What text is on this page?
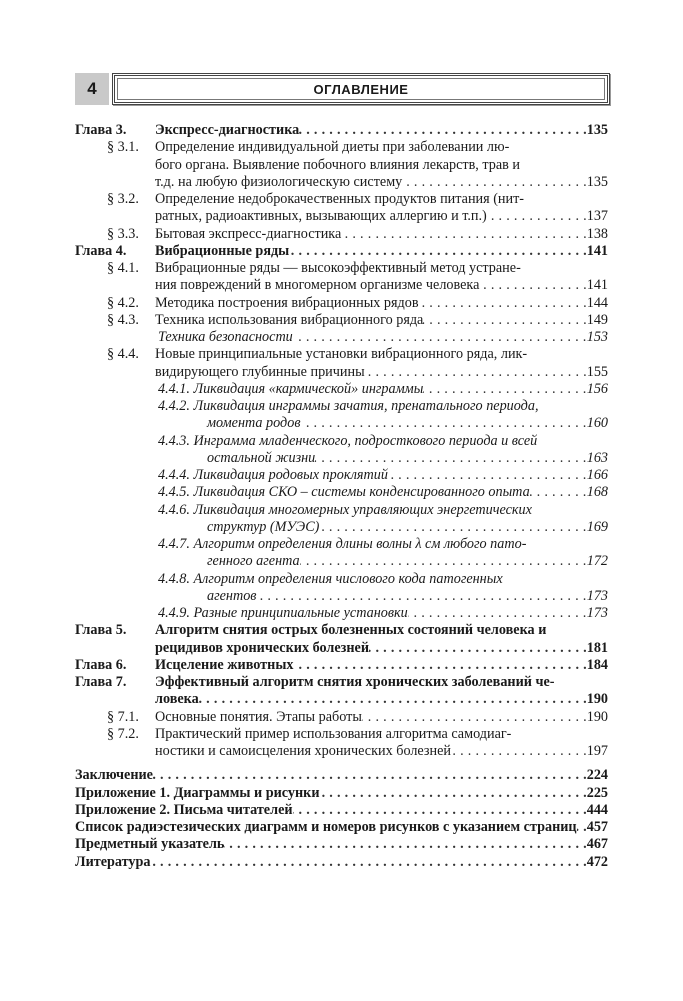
4	ОГЛАВЛЕНИЕ
Глава 3. Экспресс-диагностика . . .	135
§ 3.1. Определение индивидуальной диеты при заболевании лю-
бого органа. Выявление побочного влияния лекарств, трав и
т.д. на любую физиологическую систему . . .	135
§ 3.2. Определение недоброкачественных продуктов питания (нит-
ратных, радиоактивных, вызывающих аллергию и т.п.) . . .	137
§ 3.3. Бытовая экспресс-диагностика . . .	138
Глава 4. Вибрационные ряды . . .	141
§ 4.1. Вибрационные ряды — высокоэффективный метод устране-
ния повреждений в многомерном организме человека . . .	141
§ 4.2. Методика построения вибрационных рядов . . .	144
§ 4.3. Техника использования вибрационного ряда . . .	149
Техника безопасности . . .	153
§ 4.4. Новые принципиальные установки вибрационного ряда, лик-
видирующего глубинные причины . . .	155
4.4.1. Ликвидация «кармической» инграммы . . .	156
4.4.2. Ликвидация инграммы зачатия, пренатального периода,
момента родов . . .	160
4.4.3. Инграмма младенческого, подросткового периода и всей
остальной жизни . . .	163
4.4.4. Ликвидация родовых проклятий . . .	166
4.4.5. Ликвидация СКО – системы конденсированного опыта . . .	168
4.4.6. Ликвидация многомерных управляющих энергетических
структур (МУЭС) . . .	169
4.4.7. Алгоритм определения длины волны λ см любого пато-
генного агента . . .	172
4.4.8. Алгоритм определения числового кода патогенных
агентов . . .	173
4.4.9. Разные принципиальные установки . . .	173
Глава 5. Алгоритм снятия острых болезненных состояний человека и
рецидивов хронических болезней . . .	181
Глава 6. Исцеление животных . . .	184
Глава 7. Эффективный алгоритм снятия хронических заболеваний че-
ловека . . .	190
§ 7.1. Основные понятия. Этапы работы . . .	190
§ 7.2. Практический пример использования алгоритма самодиаг-
ностики и самоисцеления хронических болезней . . .	197
Заключение . . .	224
Приложение 1. Диаграммы и рисунки . . .	225
Приложение 2. Письма читателей . . .	444
Список радиэстезических диаграмм и номеров рисунков с указанием страниц . . . 457
Предметный указатель . . .	467
Литература . . .	472
